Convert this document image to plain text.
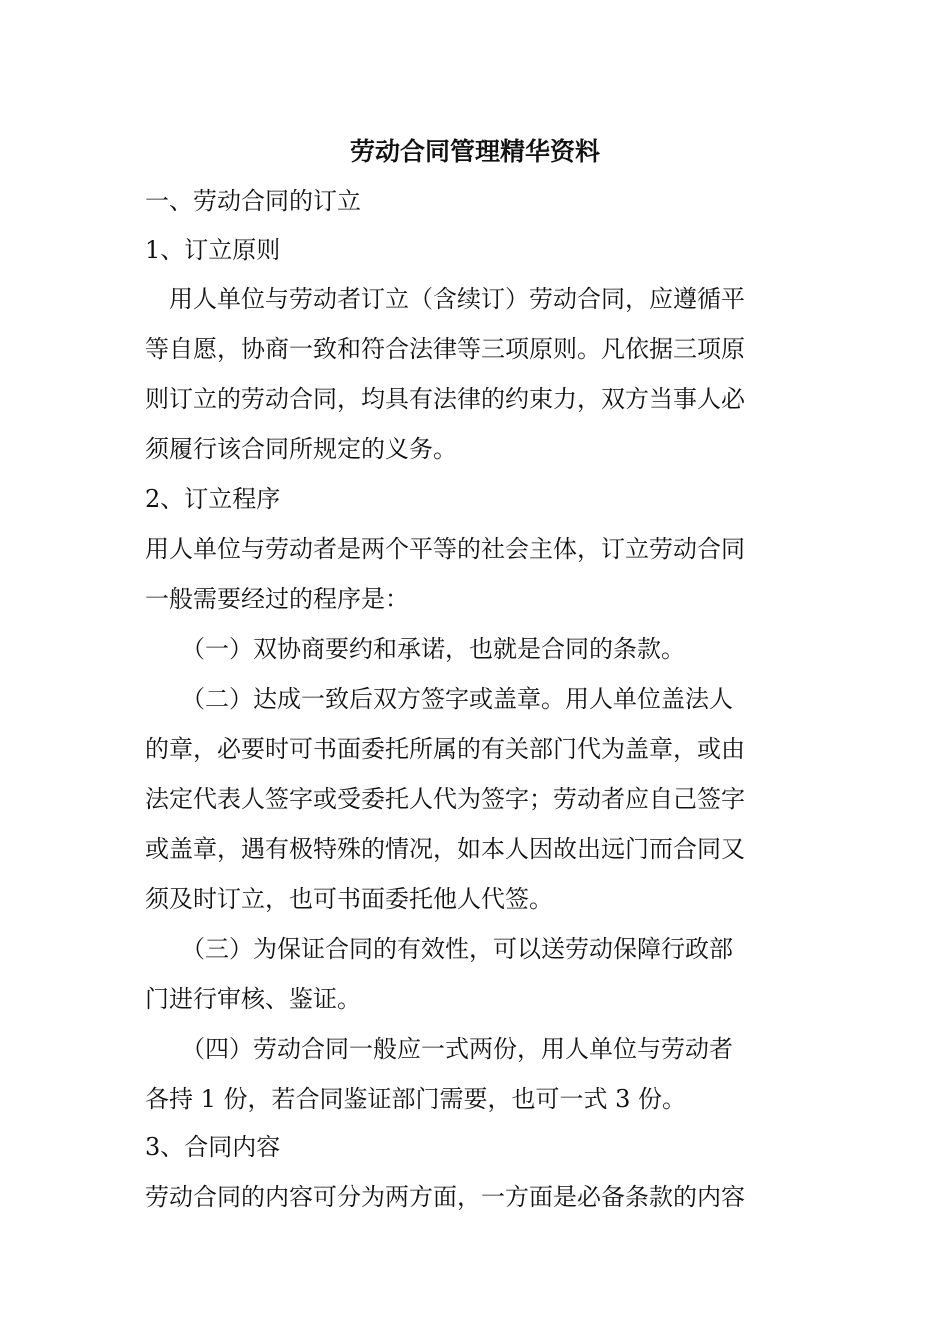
劳动合同管理精华资料
一、劳动合同的订立
1、订立原则
　用人单位与劳动者订立（含续订）劳动合同，应遵循平
等自愿，协商一致和符合法律等三项原则。凡依据三项原
则订立的劳动合同，均具有法律的约束力，双方当事人必
须履行该合同所规定的义务。
2、订立程序
用人单位与劳动者是两个平等的社会主体，订立劳动合同
一般需要经过的程序是：
　　（一）双协商要约和承诺，也就是合同的条款。
　　（二）达成一致后双方签字或盖章。用人单位盖法人
的章，必要时可书面委托所属的有关部门代为盖章，或由
法定代表人签字或受委托人代为签字；劳动者应自己签字
或盖章，遇有极特殊的情况，如本人因故出远门而合同又
须及时订立，也可书面委托他人代签。
　　（三）为保证合同的有效性，可以送劳动保障行政部
门进行审核、鉴证。
　　（四）劳动合同一般应一式两份，用人单位与劳动者
各持 1 份，若合同鉴证部门需要，也可一式 3 份。
3、合同内容
劳动合同的内容可分为两方面，一方面是必备条款的内容
